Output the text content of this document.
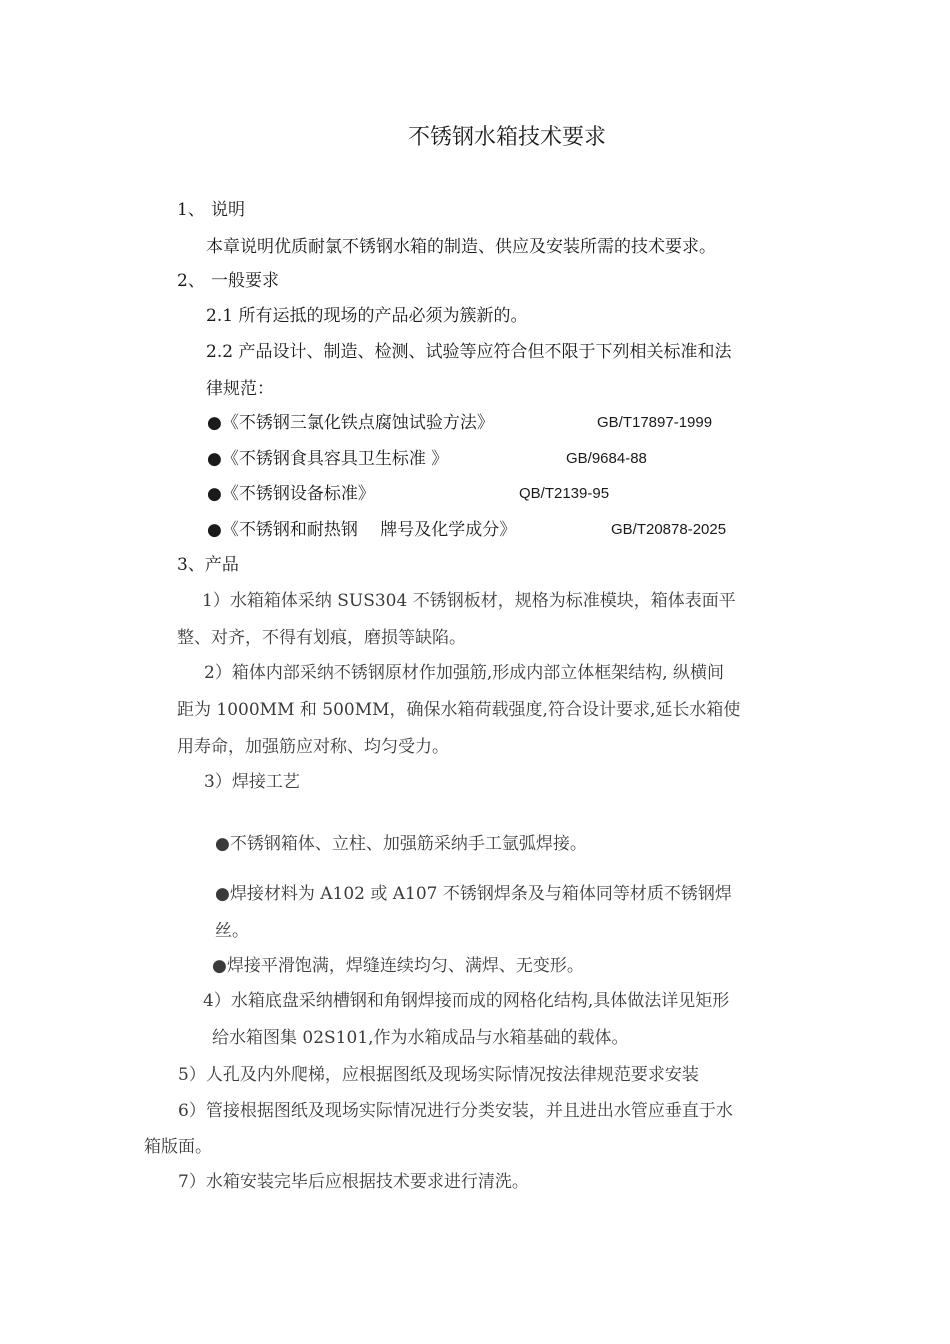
不锈钢水箱技术要求
1、 说明
本章说明优质耐氯不锈钢水箱的制造、供应及安装所需的技术要求。
2、 一般要求
2.1 所有运抵的现场的产品必须为簇新的。
2.2 产品设计、制造、检测、试验等应符合但不限于下列相关标准和法
律规范：
●《不锈钢三氯化铁点腐蚀试验方法》	GB/T17897-1999
●《不锈钢食具容具卫生标准 》	GB/9684-88
●《不锈钢设备标准》	QB/T2139-95
●《不锈钢和耐热钢　 牌号及化学成分》	GB/T20878-2025
3、产品
1）水箱箱体采纳 SUS304 不锈钢板材，规格为标准模块，箱体表面平
整、对齐，不得有划痕，磨损等缺陷。
2）箱体内部采纳不锈钢原材作加强筋,形成内部立体框架结构, 纵横间
距为 1000MM 和 500MM，确保水箱荷载强度,符合设计要求,延长水箱使
用寿命，加强筋应对称、均匀受力。
3）焊接工艺
●不锈钢箱体、立柱、加强筋采纳手工氩弧焊接。
●焊接材料为 A102 或 A107 不锈钢焊条及与箱体同等材质不锈钢焊
丝。
●焊接平滑饱满，焊缝连续均匀、满焊、无变形。
4）水箱底盘采纳槽钢和角钢焊接而成的网格化结构,具体做法详见矩形
给水箱图集 02S101,作为水箱成品与水箱基础的载体。
5）人孔及内外爬梯，应根据图纸及现场实际情况按法律规范要求安装
6）管接根据图纸及现场实际情况进行分类安装，并且进出水管应垂直于水
箱版面。
7）水箱安装完毕后应根据技术要求进行清洗。
